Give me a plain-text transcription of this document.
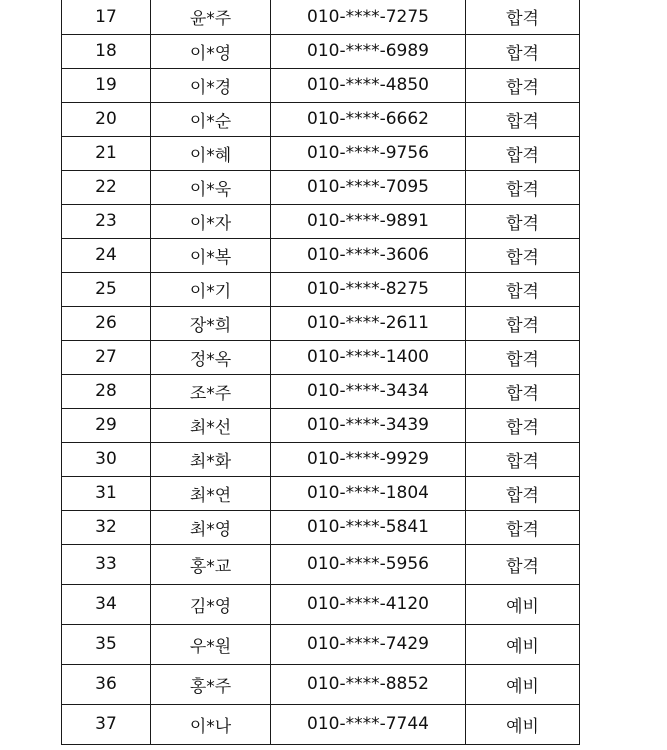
17	윤*주	010-****-7275	합격
18	이*영	010-****-6989	합격
19	이*경	010-****-4850	합격
20	이*순	010-****-6662	합격
21	이*혜	010-****-9756	합격
22	이*욱	010-****-7095	합격
23	이*자	010-****-9891	합격
24	이*복	010-****-3606	합격
25	이*기	010-****-8275	합격
26	장*희	010-****-2611	합격
27	정*옥	010-****-1400	합격
28	조*주	010-****-3434	합격
29	최*선	010-****-3439	합격
30	최*화	010-****-9929	합격
31	최*연	010-****-1804	합격
32	최*영	010-****-5841	합격
33	홍*교	010-****-5956	합격
34	김*영	010-****-4120	예비
35	우*원	010-****-7429	예비
36	홍*주	010-****-8852	예비
37	이*나	010-****-7744	예비
